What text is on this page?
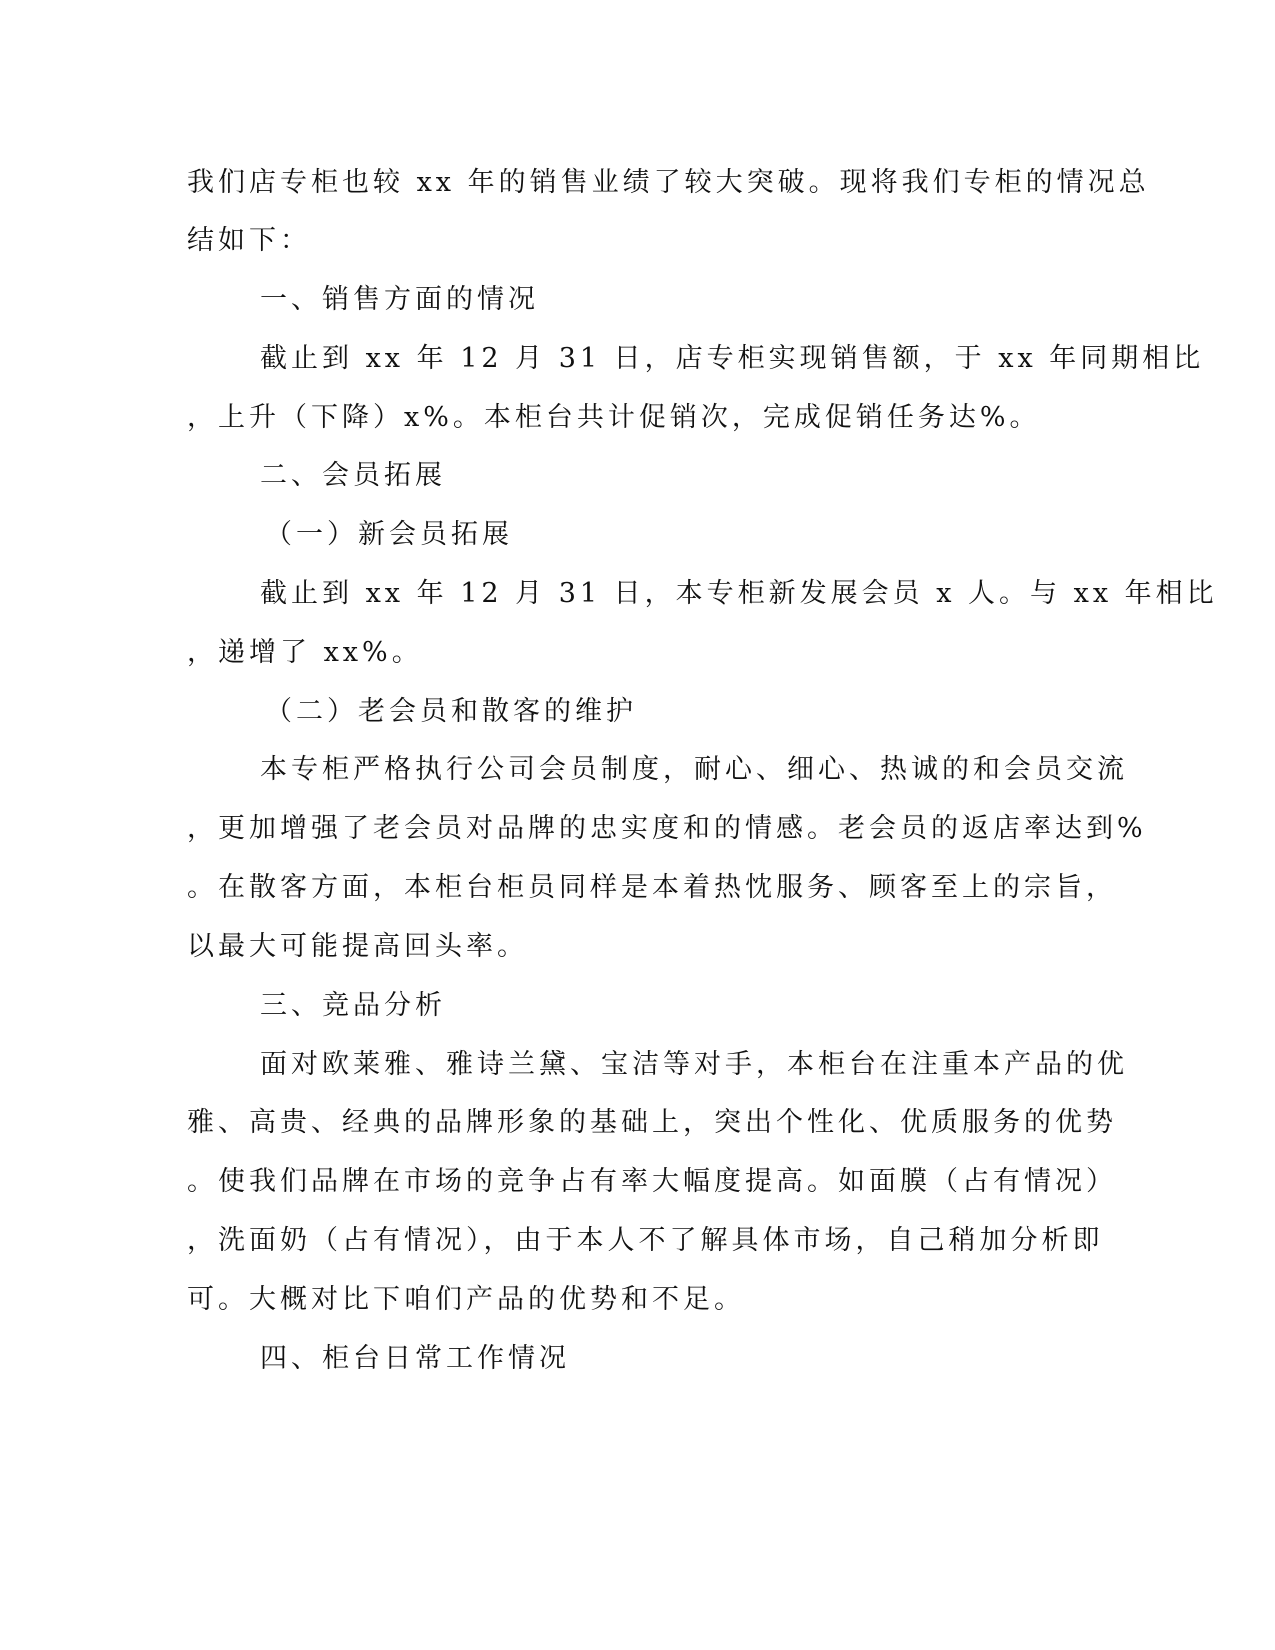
我们店专柜也较 xx 年的销售业绩了较大突破。现将我们专柜的情况总
结如下：
一、销售方面的情况
截止到 xx 年 12 月 31 日，店专柜实现销售额，于 xx 年同期相比
，上升（下降）x%。本柜台共计促销次，完成促销任务达%。
二、会员拓展
（一）新会员拓展
截止到 xx 年 12 月 31 日，本专柜新发展会员 x 人。与 xx 年相比
，递增了 xx%。
（二）老会员和散客的维护
本专柜严格执行公司会员制度，耐心、细心、热诚的和会员交流
，更加增强了老会员对品牌的忠实度和的情感。老会员的返店率达到%
。在散客方面，本柜台柜员同样是本着热忱服务、顾客至上的宗旨，
以最大可能提高回头率。
三、竞品分析
面对欧莱雅、雅诗兰黛、宝洁等对手，本柜台在注重本产品的优
雅、高贵、经典的品牌形象的基础上，突出个性化、优质服务的优势
。使我们品牌在市场的竞争占有率大幅度提高。如面膜（占有情况）
，洗面奶（占有情况），由于本人不了解具体市场，自己稍加分析即
可。大概对比下咱们产品的优势和不足。
四、柜台日常工作情况
